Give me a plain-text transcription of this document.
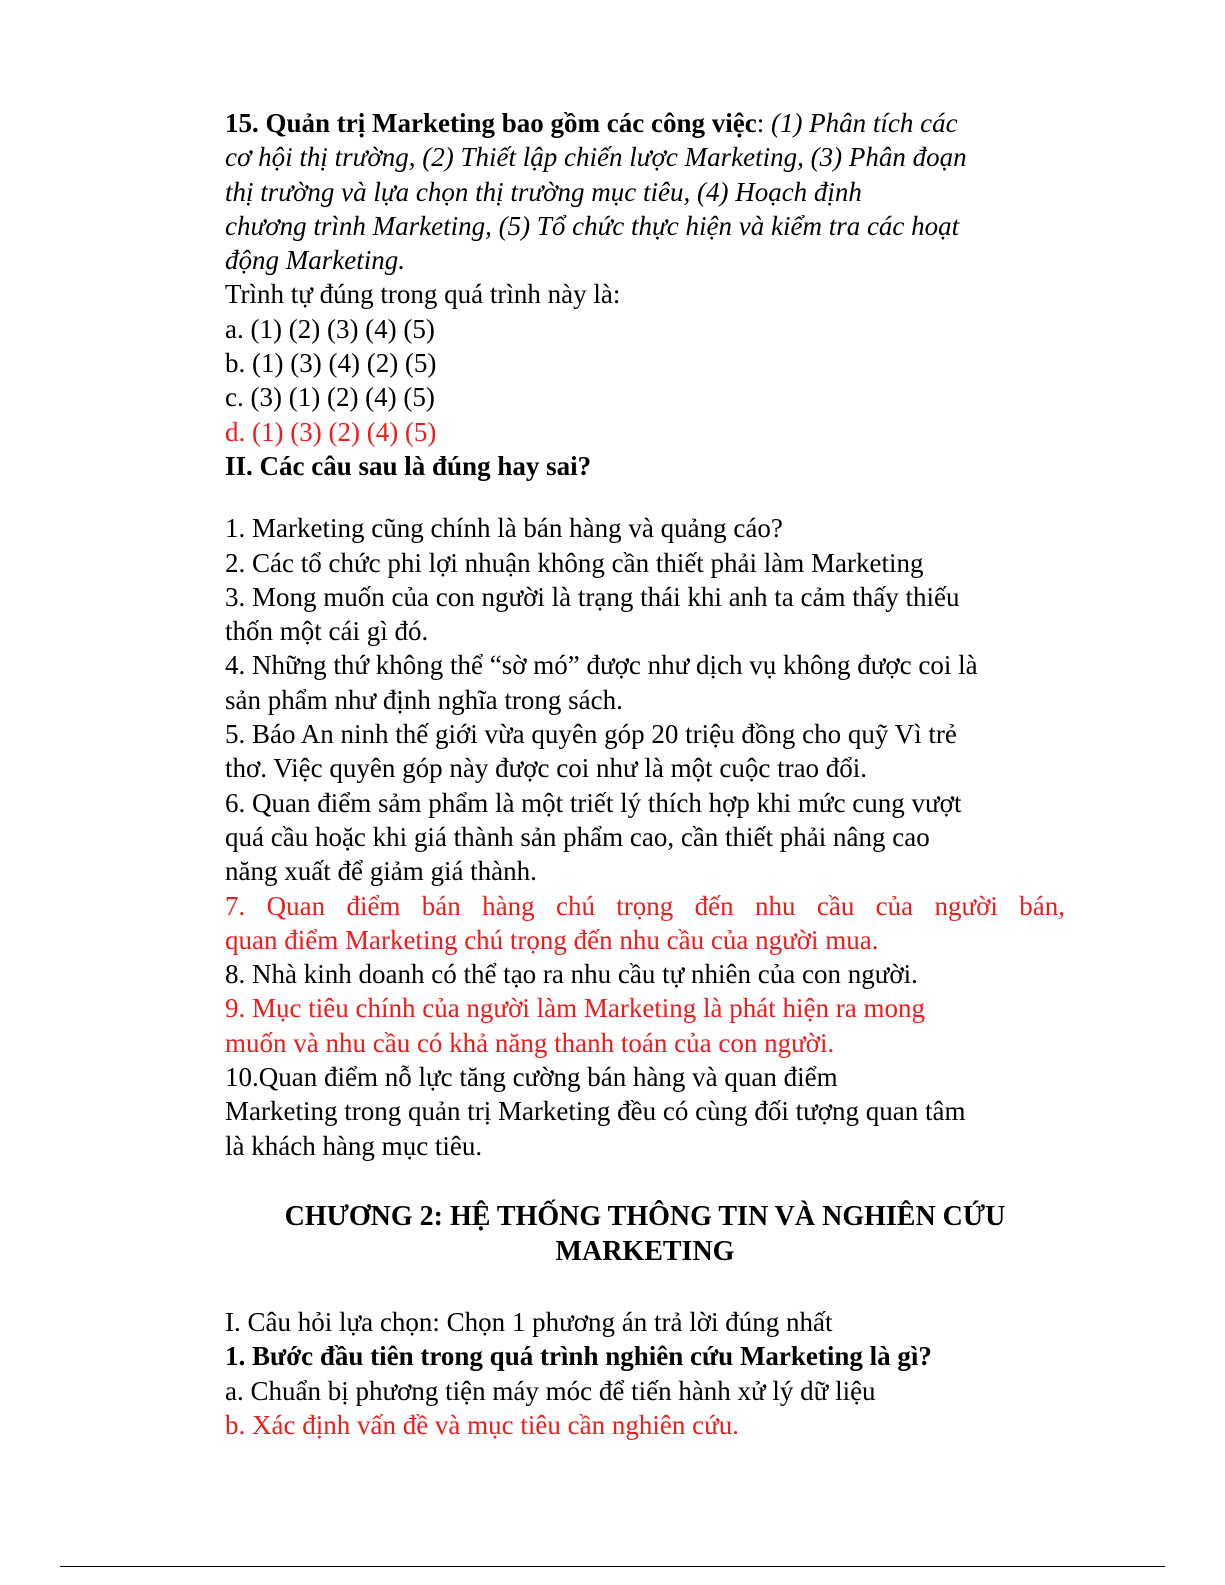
15. Quản trị Marketing bao gồm các công việc: (1) Phân tích các

cơ hội thị trường, (2) Thiết lập chiến lược Marketing, (3) Phân đoạn

thị trường và lựa chọn thị trường mục tiêu, (4) Hoạch định

chương trình Marketing, (5) Tổ chức thực hiện và kiểm tra các hoạt

động Marketing.

Trình tự đúng trong quá trình này là:

a. (1) (2) (3) (4) (5)

b. (1) (3) (4) (2) (5)

c. (3) (1) (2) (4) (5)

d. (1) (3) (2) (4) (5)

II. Các câu sau là đúng hay sai?

1. Marketing cũng chính là bán hàng và quảng cáo?

2. Các tổ chức phi lợi nhuận không cần thiết phải làm Marketing

3. Mong muốn của con người là trạng thái khi anh ta cảm thấy thiếu

thốn một cái gì đó.

4. Những thứ không thể “sờ mó” được như dịch vụ không được coi là

sản phẩm như định nghĩa trong sách.

5. Báo An ninh thế giới vừa quyên góp 20 triệu đồng cho quỹ Vì trẻ

thơ. Việc quyên góp này được coi như là một cuộc trao đổi.

6. Quan điểm sảm phẩm là một triết lý thích hợp khi mức cung vượt

quá cầu hoặc khi giá thành sản phẩm cao, cần thiết phải nâng cao

năng xuất để giảm giá thành.

7. Quan điểm bán hàng chú trọng đến nhu cầu của người bán,

quan điểm Marketing chú trọng đến nhu cầu của người mua.

8. Nhà kinh doanh có thể tạo ra nhu cầu tự nhiên của con người.

9. Mục tiêu chính của người làm Marketing là phát hiện ra mong

muốn và nhu cầu có khả năng thanh toán của con người.

10.Quan điểm nỗ lực tăng cường bán hàng và quan điểm

Marketing trong quản trị Marketing đều có cùng đối tượng quan tâm

là khách hàng mục tiêu.

CHƯƠNG 2: HỆ THỐNG THÔNG TIN VÀ NGHIÊN CỨU

MARKETING

I. Câu hỏi lựa chọn: Chọn 1 phương án trả lời đúng nhất

1. Bước đầu tiên trong quá trình nghiên cứu Marketing là gì?

a. Chuẩn bị phương tiện máy móc để tiến hành xử lý dữ liệu

b. Xác định vấn đề và mục tiêu cần nghiên cứu.
